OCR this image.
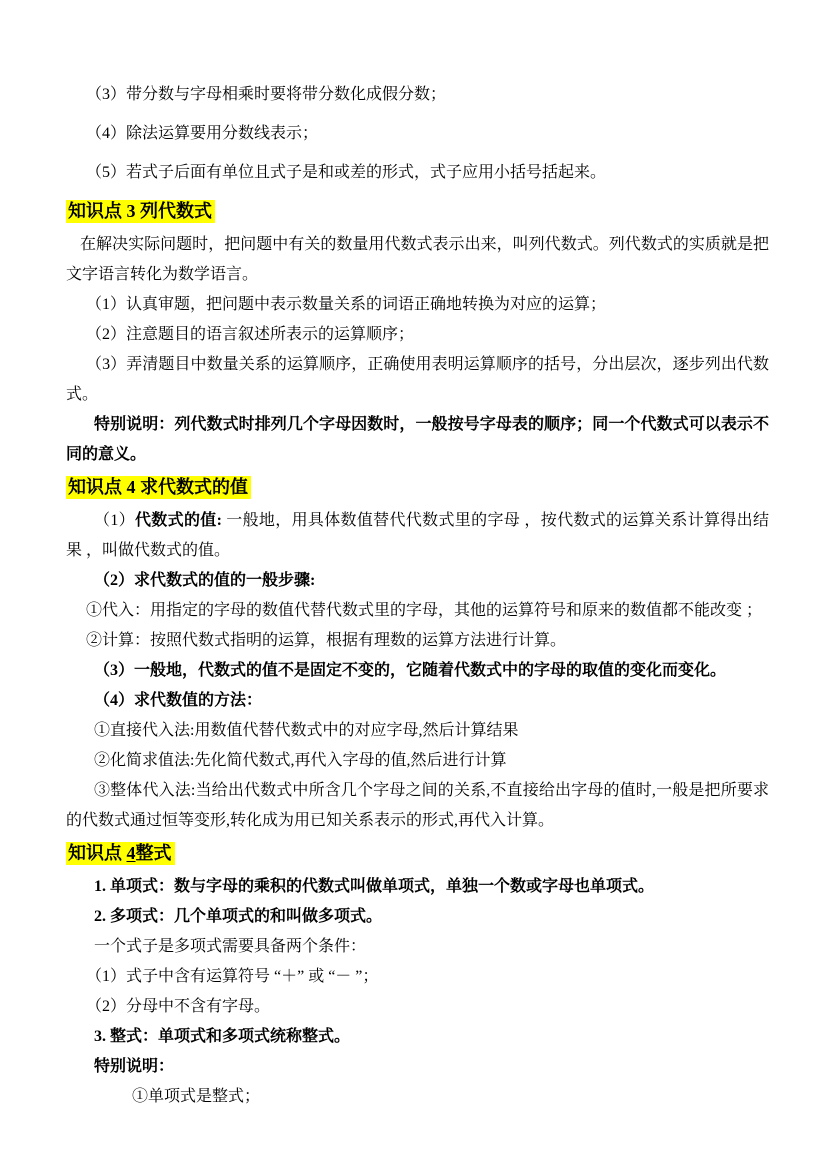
（3）带分数与字母相乘时要将带分数化成假分数；

（4）除法运算要用分数线表示；

（5）若式子后面有单位且式子是和或差的形式，式子应用小括号括起来。

知识点 3 列代数式

在解决实际问题时，把问题中有关的数量用代数式表示出来，叫列代数式。列代数式的实质就是把文字语言转化为数学语言。

（1）认真审题，把问题中表示数量关系的词语正确地转换为对应的运算；

（2）注意题目的语言叙述所表示的运算顺序；

（3）弄清题目中数量关系的运算顺序，正确使用表明运算顺序的括号，分出层次，逐步列出代数式。

特别说明：列代数式时排列几个字母因数时，一般按号字母表的顺序；同一个代数式可以表示不同的意义。

知识点 4 求代数式的值

（1）代数式的值: 一般地，用具体数值替代代数式里的字母 ，按代数式的运算关系计算得出结果 ，叫做代数式的值。

（2）求代数式的值的一般步骤:

①代入：用指定的字母的数值代替代数式里的字母，其他的运算符号和原来的数值都不能改变 ；

②计算：按照代数式指明的运算，根据有理数的运算方法进行计算。

（3）一般地，代数式的值不是固定不变的，它随着代数式中的字母的取值的变化而变化。

（4）求代数值的方法：

①直接代入法:用数值代替代数式中的对应字母,然后计算结果

②化简求值法:先化简代数式,再代入字母的值,然后进行计算

③整体代入法:当给出代数式中所含几个字母之间的关系,不直接给出字母的值时,一般是把所要求的代数式通过恒等变形,转化成为用已知关系表示的形式,再代入计算。

知识点 4整式

1. 单项式：数与字母的乘积的代数式叫做单项式，单独一个数或字母也单项式。

2. 多项式：几个单项式的和叫做多项式。

一个式子是多项式需要具备两个条件：

（1）式子中含有运算符号 “＋” 或 “－ ”；

（2）分母中不含有字母。

3. 整式：单项式和多项式统称整式。

特别说明：

①单项式是整式；
